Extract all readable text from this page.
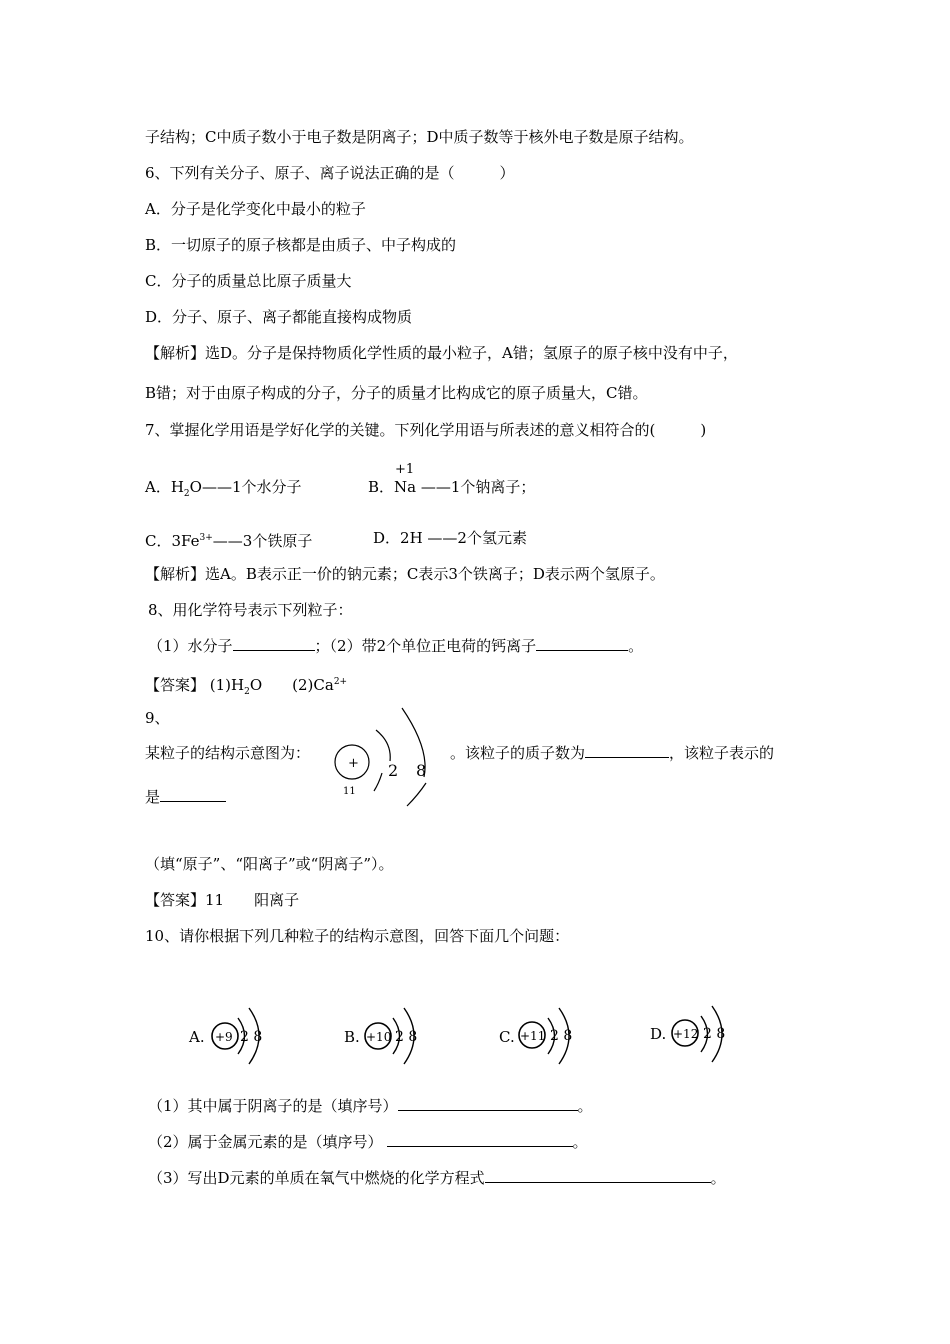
子结构；C中质子数小于电子数是阴离子；D中质子数等于核外电子数是原子结构。
6、下列有关分子、原子、离子说法正确的是（　　　）
A．分子是化学变化中最小的粒子
B．一切原子的原子核都是由质子、中子构成的
C．分子的质量总比原子质量大
D．分子、原子、离子都能直接构成物质
【解析】选D。分子是保持物质化学性质的最小粒子，A错；氢原子的原子核中没有中子，
B错；对于由原子构成的分子，分子的质量才比构成它的原子质量大，C错。
7、掌握化学用语是学好化学的关键。下列化学用语与所表述的意义相符合的(　　　)
A．$H_2O——1$个水分子
+1
B．Na ——1个钠离子；
C．$3Fe^{3+}——3$个铁原子	D．2H ——2个氢元素
【解析】选A。B表示正一价的钠元素；C表示3个铁离子；D表示两个氢原子。
8、用化学符号表示下列粒子：
（1）水分子	；（2）带2个单位正电荷的钙离子	。
【答案】 $(1)H_2O$　　$(2)Ca^{2+}$
9、
某粒子的结构示意图为：
+
11
2 8
。该粒子的质子数为	，该粒子表示的
是
（填“原子”、“阳离子”或“阴离子”）。
【答案】11　　阳离子
10、请你根据下列几种粒子的结构示意图，回答下面几个问题：
A. +9 2 8	B. +10 2 8	C. +11 2 8	D. +12 2 8
（1）其中属于阴离子的是（填序号）	。
（2）属于金属元素的是（填序号）	。
（3）写出D元素的单质在氧气中燃烧的化学方程式	。
